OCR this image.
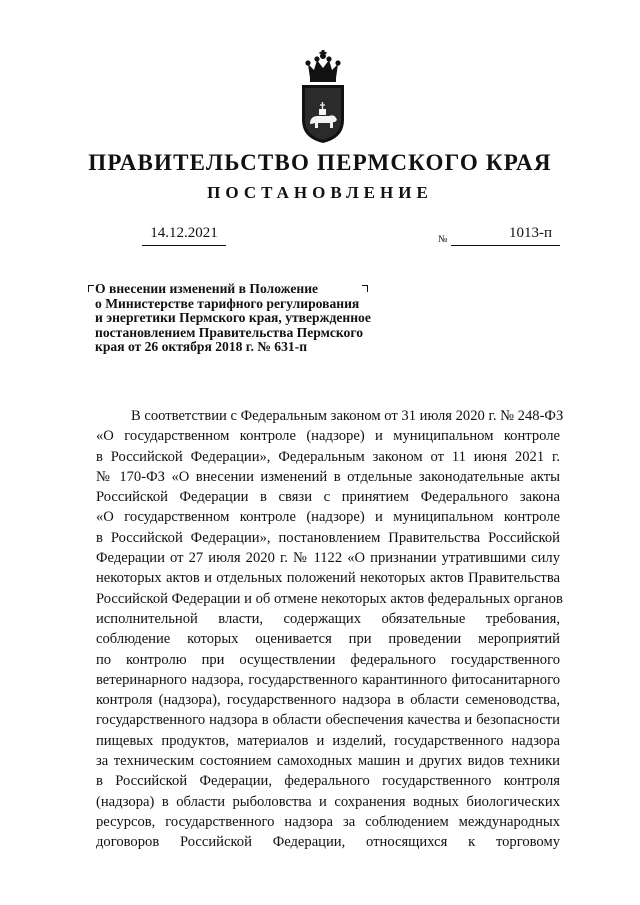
ПРАВИТЕЛЬСТВО ПЕРМСКОГО КРАЯ
ПОСТАНОВЛЕНИЕ
14.12.2021	№	1013-п
О внесении изменений в Положение
о Министерстве тарифного регулирования
и энергетики Пермского края, утвержденное
постановлением Правительства Пермского
края от 26 октября 2018 г. № 631-п
В соответствии с Федеральным законом от 31 июля 2020 г. № 248-ФЗ
«О государственном контроле (надзоре) и муниципальном контроле
в Российской Федерации», Федеральным законом от 11 июня 2021 г.
№ 170-ФЗ «О внесении изменений в отдельные законодательные акты
Российской Федерации в связи с принятием Федерального закона
«О государственном контроле (надзоре) и муниципальном контроле
в Российской Федерации», постановлением Правительства Российской
Федерации от 27 июля 2020 г. № 1122 «О признании утратившими силу
некоторых актов и отдельных положений некоторых актов Правительства
Российской Федерации и об отмене некоторых актов федеральных органов
исполнительной власти, содержащих обязательные требования,
соблюдение которых оценивается при проведении мероприятий
по контролю при осуществлении федерального государственного
ветеринарного надзора, государственного карантинного фитосанитарного
контроля (надзора), государственного надзора в области семеноводства,
государственного надзора в области обеспечения качества и безопасности
пищевых продуктов, материалов и изделий, государственного надзора
за техническим состоянием самоходных машин и других видов техники
в Российской Федерации, федерального государственного контроля
(надзора) в области рыболовства и сохранения водных биологических
ресурсов, государственного надзора за соблюдением международных
договоров Российской Федерации, относящихся к торговому
